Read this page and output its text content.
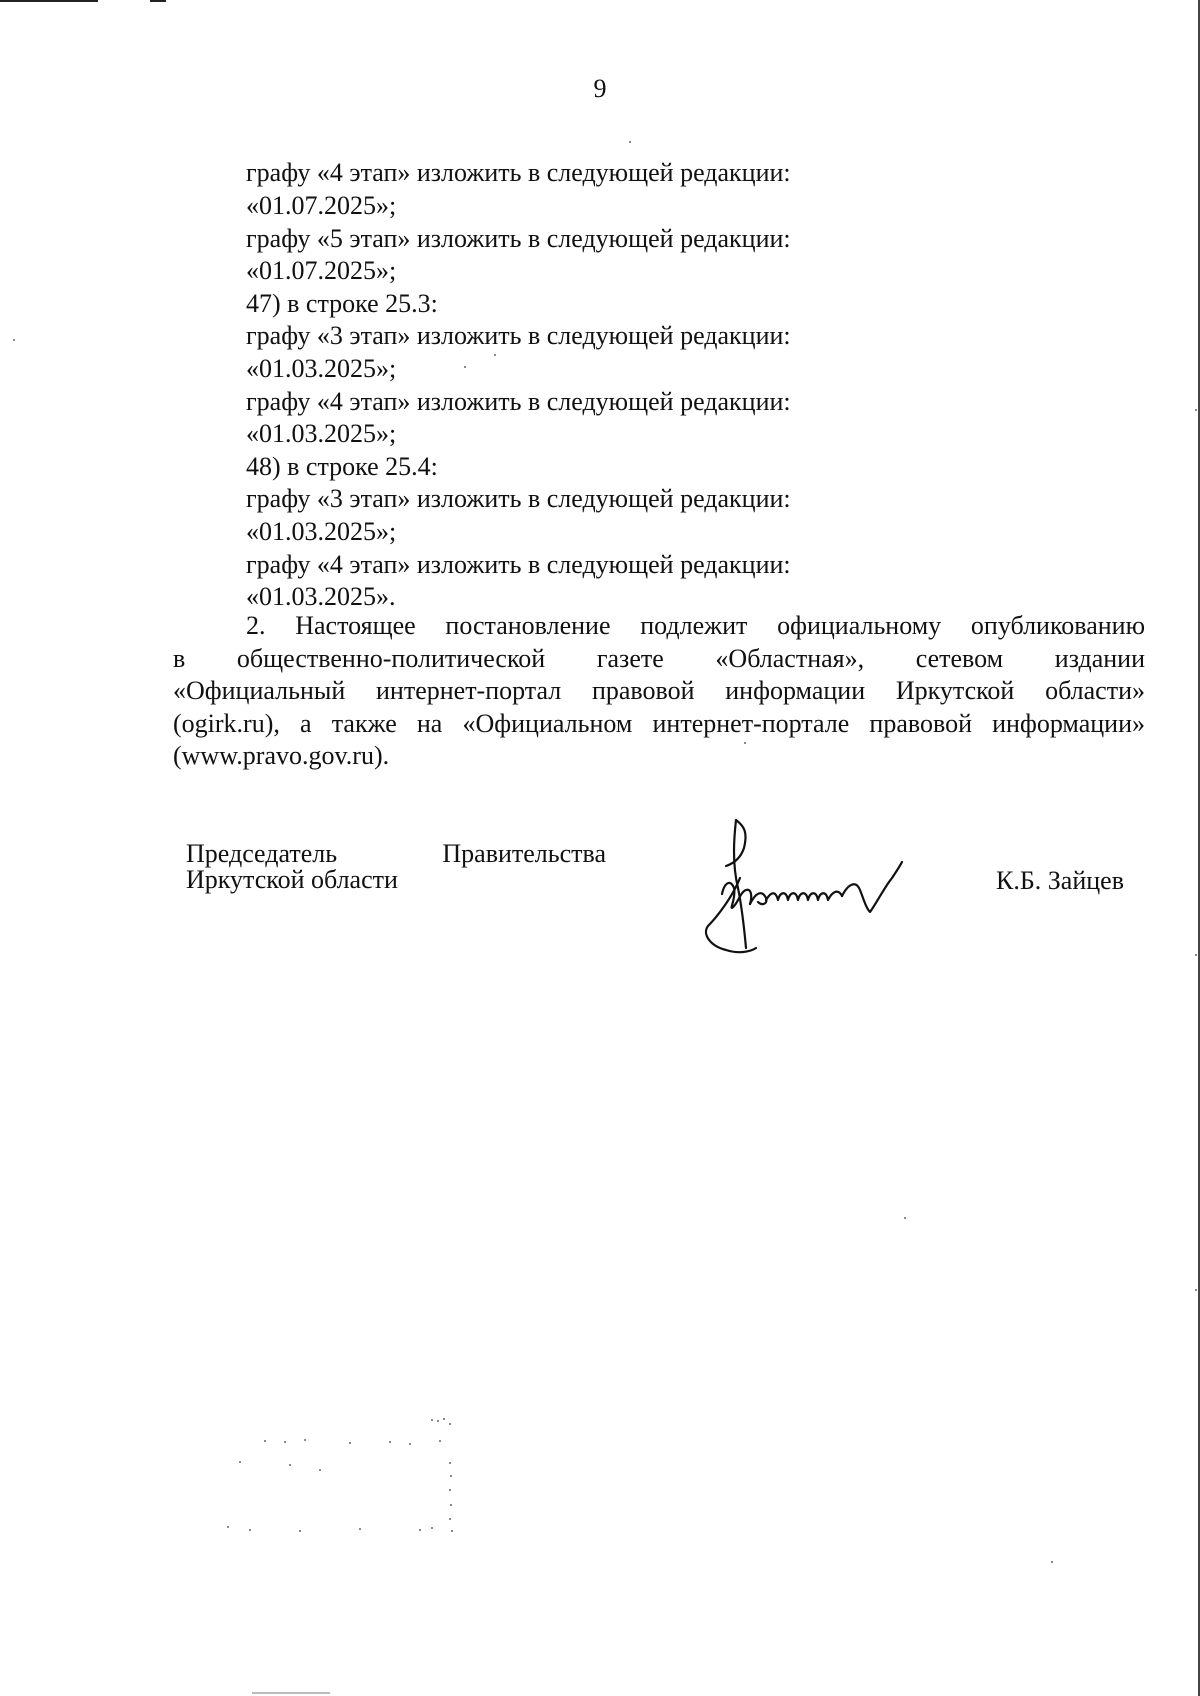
9
графу «4 этап» изложить в следующей редакции:
«01.07.2025»;
графу «5 этап» изложить в следующей редакции:
«01.07.2025»;
47) в строке 25.3:
графу «3 этап» изложить в следующей редакции:
«01.03.2025»;
графу «4 этап» изложить в следующей редакции:
«01.03.2025»;
48) в строке 25.4:
графу «3 этап» изложить в следующей редакции:
«01.03.2025»;
графу «4 этап» изложить в следующей редакции:
«01.03.2025».
2. Настоящее постановление подлежит официальному опубликованию
в общественно-политической газете «Областная», сетевом издании
«Официальный интернет-портал правовой информации Иркутской области»
(ogirk.ru), а также на «Официальном интернет-портале правовой информации»
(www.pravo.gov.ru).
Председатель	Правительства
Иркутской области	К.Б. Зайцев
